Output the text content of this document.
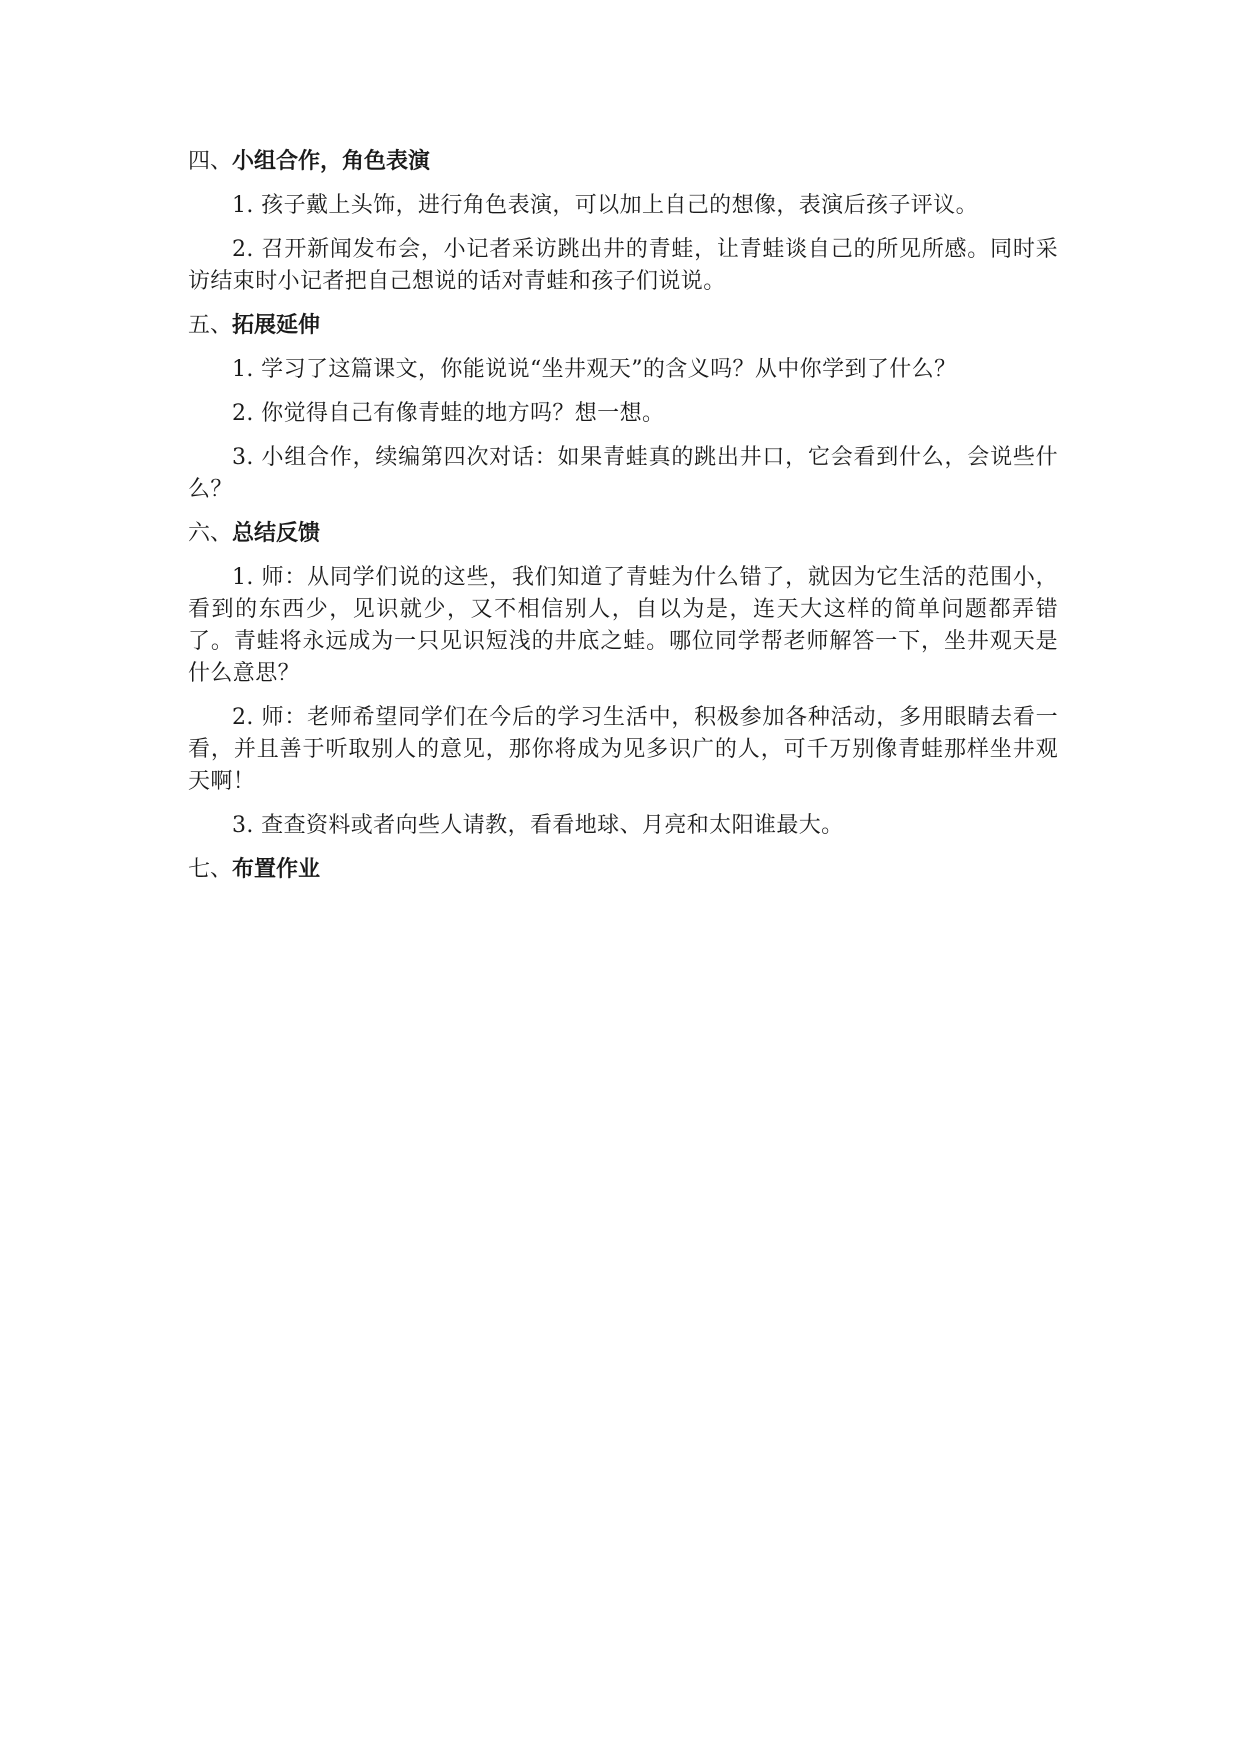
四、小组合作，角色表演

1. 孩子戴上头饰，进行角色表演，可以加上自己的想像，表演后孩子评议。

2. 召开新闻发布会，小记者采访跳出井的青蛙，让青蛙谈自己的所见所感。同时采访结束时小记者把自己想说的话对青蛙和孩子们说说。

五、拓展延伸

1. 学习了这篇课文，你能说说“坐井观天”的含义吗？从中你学到了什么？

2. 你觉得自己有像青蛙的地方吗？想一想。

3. 小组合作，续编第四次对话：如果青蛙真的跳出井口，它会看到什么，会说些什么？

六、总结反馈

1. 师：从同学们说的这些，我们知道了青蛙为什么错了，就因为它生活的范围小，看到的东西少，见识就少，又不相信别人，自以为是，连天大这样的简单问题都弄错了。青蛙将永远成为一只见识短浅的井底之蛙。哪位同学帮老师解答一下，坐井观天是什么意思？

2. 师：老师希望同学们在今后的学习生活中，积极参加各种活动，多用眼睛去看一看，并且善于听取别人的意见，那你将成为见多识广的人，可千万别像青蛙那样坐井观天啊！

3. 查查资料或者向些人请教，看看地球、月亮和太阳谁最大。

七、布置作业
